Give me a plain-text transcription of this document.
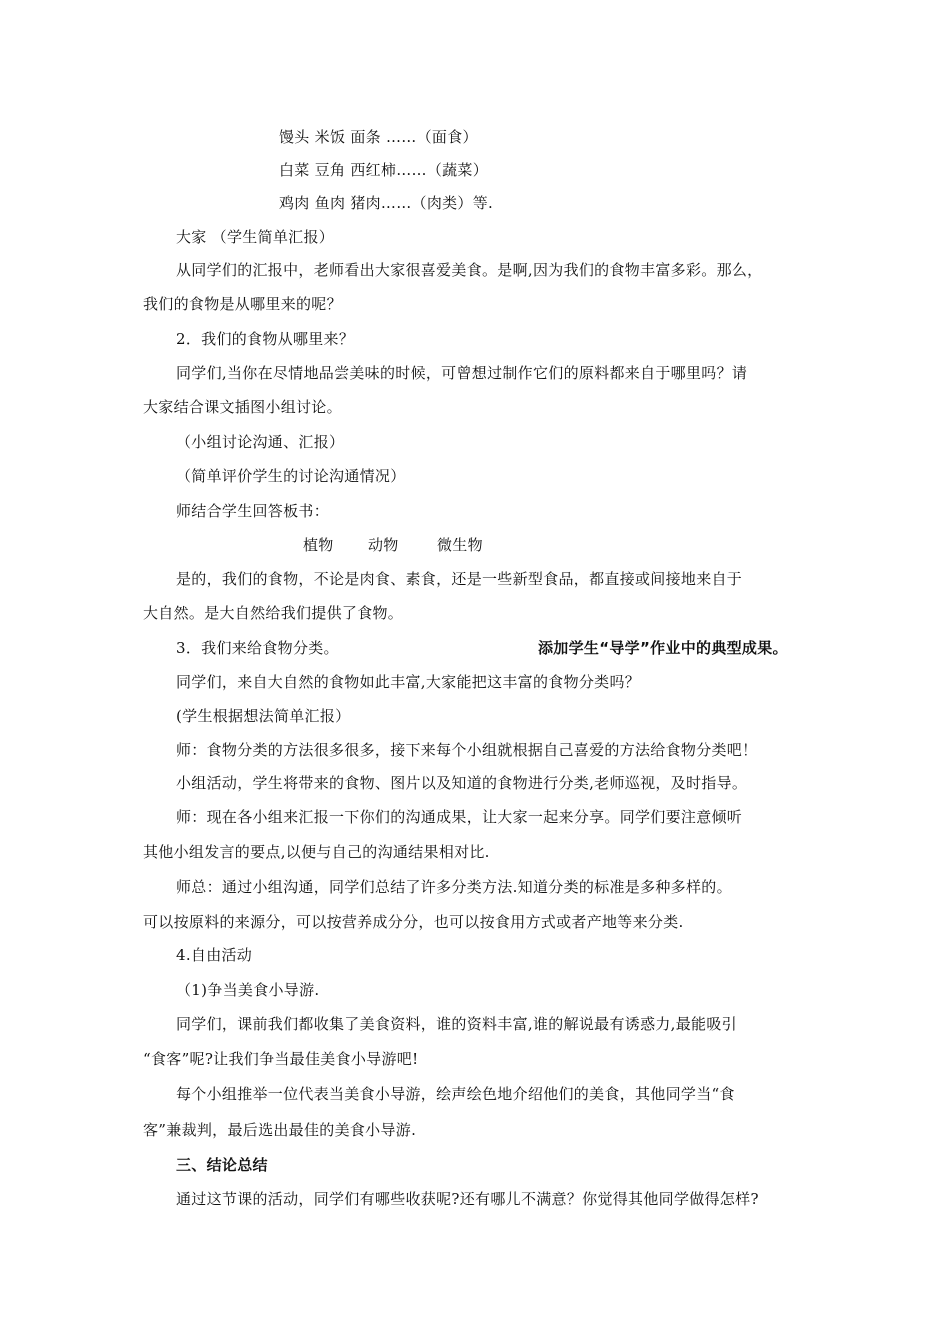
馒头 米饭 面条 ……（面食）
白菜 豆角 西红柿……（蔬菜）
鸡肉 鱼肉 猪肉……（肉类）等.
大家 （学生简单汇报）
从同学们的汇报中，老师看出大家很喜爱美食。是啊,因为我们的食物丰富多彩。那么，
我们的食物是从哪里来的呢？
2．我们的食物从哪里来？
同学们,当你在尽情地品尝美味的时候，可曾想过制作它们的原料都来自于哪里吗？请
大家结合课文插图小组讨论。
（小组讨论沟通、汇报）
（简单评价学生的讨论沟通情况）
师结合学生回答板书：
植物 动物	微生物
是的，我们的食物，不论是肉食、素食，还是一些新型食品，都直接或间接地来自于
大自然。是大自然给我们提供了食物。
3．我们来给食物分类。	添加学生“导学”作业中的典型成果。
同学们，来自大自然的食物如此丰富,大家能把这丰富的食物分类吗？
(学生根据想法简单汇报）
师：食物分类的方法很多很多，接下来每个小组就根据自己喜爱的方法给食物分类吧！
小组活动，学生将带来的食物、图片以及知道的食物进行分类,老师巡视，及时指导。
师：现在各小组来汇报一下你们的沟通成果，让大家一起来分享。同学们要注意倾听
其他小组发言的要点,以便与自己的沟通结果相对比.
师总：通过小组沟通，同学们总结了许多分类方法.知道分类的标准是多种多样的。
可以按原料的来源分，可以按营养成分分，也可以按食用方式或者产地等来分类.
4.自由活动
（1)争当美食小导游.
同学们，课前我们都收集了美食资料，谁的资料丰富,谁的解说最有诱惑力,最能吸引
“食客”呢?让我们争当最佳美食小导游吧!
每个小组推举一位代表当美食小导游，绘声绘色地介绍他们的美食，其他同学当“食
客”兼裁判，最后选出最佳的美食小导游.
三、结论总结
通过这节课的活动，同学们有哪些收获呢?还有哪儿不满意？你觉得其他同学做得怎样?
